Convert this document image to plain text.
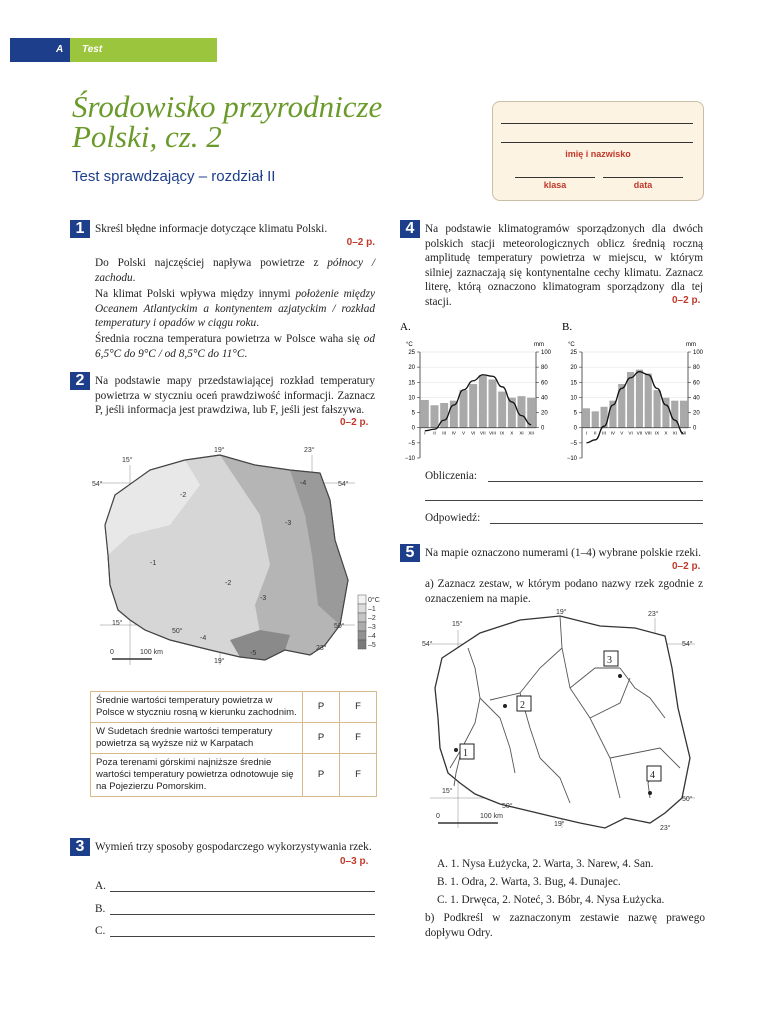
A Test
Środowisko przyrodnicze
Polski, cz. 2
Test sprawdzający – rozdział II
imię i nazwisko
klasa	data
1 Skreśl błędne informacje dotyczące klimatu Polski.

0–2 p.
Do Polski najczęściej napływa powietrze z północy / zachodu.
Na klimat Polski wpływa między innymi położenie między Oceanem Atlantyckim a kontynentem azjatyckim / rozkład temperatury i opadów w ciągu roku.
Średnia roczna temperatura powietrza w Polsce waha się od 6,5°C do 9°C / od 8,5°C do 11°C.
2 Na podstawie mapy przedstawiającej rozkład temperatury powietrza w styczniu oceń prawdziwość informacji. Zaznacz P, jeśli informacja jest prawdziwa, lub F, jeśli jest fałszywa.
0–2 p.
-2
-4
-3
-1
-2
-3
-4
-5
15°
19°	23°
15°
19°
23°
54°	54°
50°
50°
0	100 km
0°C
–1
–2
–3
–4
–5
Średnie wartości temperatury powietrza w Polsce w styczniu rosną w kierunku zachodnim.	P	F
W Sudetach średnie wartości temperatury powietrza są wyższe niż w Karpatach	P	F
Poza terenami górskimi najniższe średnie wartości temperatury powietrza odnotowuje się na Pojezierzu Pomorskim.	P	F
3 Wymień trzy sposoby gospodarczego wykorzystywania rzek.
0–3 p.
A.
B.
C.
4 Na podstawie klimatogramów sporządzonych dla dwóch polskich stacji meteorologicznych oblicz średnią roczną amplitudę temperatury powietrza w miejscu, w którym silniej zaznaczają się kontynentalne cechy klimatu. Zaznacz literę, którą oznaczono klimatogram sporządzony dla tej stacji.	0–2 p.
A.
°C	mm
25
20
15
10
5
0
−5
−10
100
80
60
40
20
0
I II III IV V VI VII VIII IX X XI XII
B.
°C	mm
25
20
15
10
5
0
−5
−10
100
80
60
40
20
0
I II III IV V VI VII VIII IX X XI XII
Obliczenia:
Odpowiedź:
5 Na mapie oznaczono numerami (1–4) wybrane polskie rzeki.
0–2 p.
a) Zaznacz zestaw, w którym podano nazwy rzek zgodnie z oznaczeniem na mapie.
1
2
3
4
15°
19°	23°
15°
19°
23°
54°	54°
50°
50°
0	100 km
A. 1. Nysa Łużycka, 2. Warta, 3. Narew, 4. San.
B. 1. Odra, 2. Warta, 3. Bug, 4. Dunajec.
C. 1. Drwęca, 2. Noteć, 3. Bóbr, 4. Nysa Łużycka.
b) Podkreśl w zaznaczonym zestawie nazwę prawego dopływu Odry.
